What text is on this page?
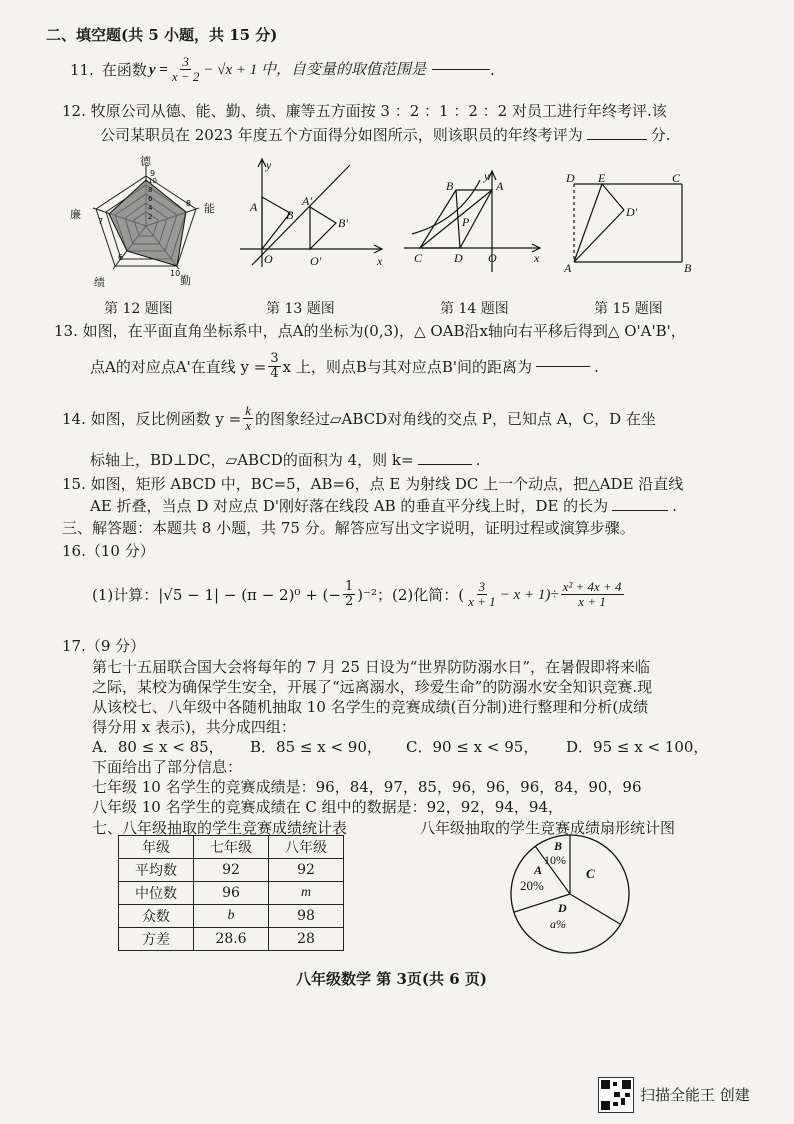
二、填空题(共 5 小题，共 15 分)
11. 在函数 $y = \frac{3}{x - 2} - √x + 1$ 中，自变量的取值范围是	.
12. 牧原公司从德、能、勤、绩、廉等五方面按 3 ：2 ：1 ：2 ：2 对员工进行年终考评.该
公司某职员在 2023 年度五个方面得分如图所示，则该职员的年终考评为	分.
德
能
勤
绩
廉	2
4
6
8
10
9
8
10
6
7
y
A
B
A'
B'
O	O'	x
y
B	A
P
C	D O	x
D E	C
D'
A	B
第 12 题图	第 13 题图	第 14 题图	第 15 题图
13. 如图，在平面直角坐标系中，点A的坐标为(0,3)，△ OAB沿x轴向右平移后得到△ O'A'B'，
点A的对应点A'在直线 $y = \frac{3}{4}$ x 上，则点B与其对应点B'间的距离为	.
14. 如图，反比例函数 $y = \frac{k}{x}$ 的图象经过▱ABCD对角线的交点 P，已知点 A，C，D 在坐
标轴上，BD⊥DC，▱ABCD的面积为 4，则 k=	.
15. 如图，矩形 ABCD 中，BC=5，AB=6，点 E 为射线 DC 上一个动点，把△ADE 沿直线
AE 折叠，当点 D 对应点 D'刚好落在线段 AB 的垂直平分线上时，DE 的长为	.
三、解答题：本题共 8 小题，共 75 分。解答应写出文字说明，证明过程或演算步骤。
16.（10 分）
(1)计算：|√5 − 1| − (π − 2)⁰ + (− $\frac{1}{2} )^{-2}$；(2)化简：( $\frac{3}{x + 1} - x + 1)\div \frac{\text{x² + 4x + 4}}{x + 1}$
17.（9 分）
第七十五届联合国大会将每年的 7 月 25 日设为“世界防防溺水日”，在暑假即将来临
之际，某校为确保学生安全，开展了“远离溺水，珍爱生命”的防溺水安全知识竞赛.现
从该校七、八年级中各随机抽取 10 名学生的竞赛成绩(百分制)进行整理和分析(成绩
得分用 x 表示)，共分成四组：
A．80 ≤ x < 85， B．85 ≤ x < 90， C．90 ≤ x < 95， D．95 ≤ x < 100，
下面给出了部分信息：
七年级 10 名学生的竞赛成绩是：96，84，97，85，96，96，96，84，90，96
八年级 10 名学生的竞赛成绩在 C 组中的数据是：92，92，94，94，
七、八年级抽取的学生竞赛成绩统计表	八年级抽取的学生竞赛成绩扇形统计图
年级	七年级	八年级
平均数	92	92
中位数	96	m
众数	b	98
方差	28.6	28
B
10%
A
20%
C
D
a%
八年级数学 第 3页(共 6 页)
扫描全能王 创建
